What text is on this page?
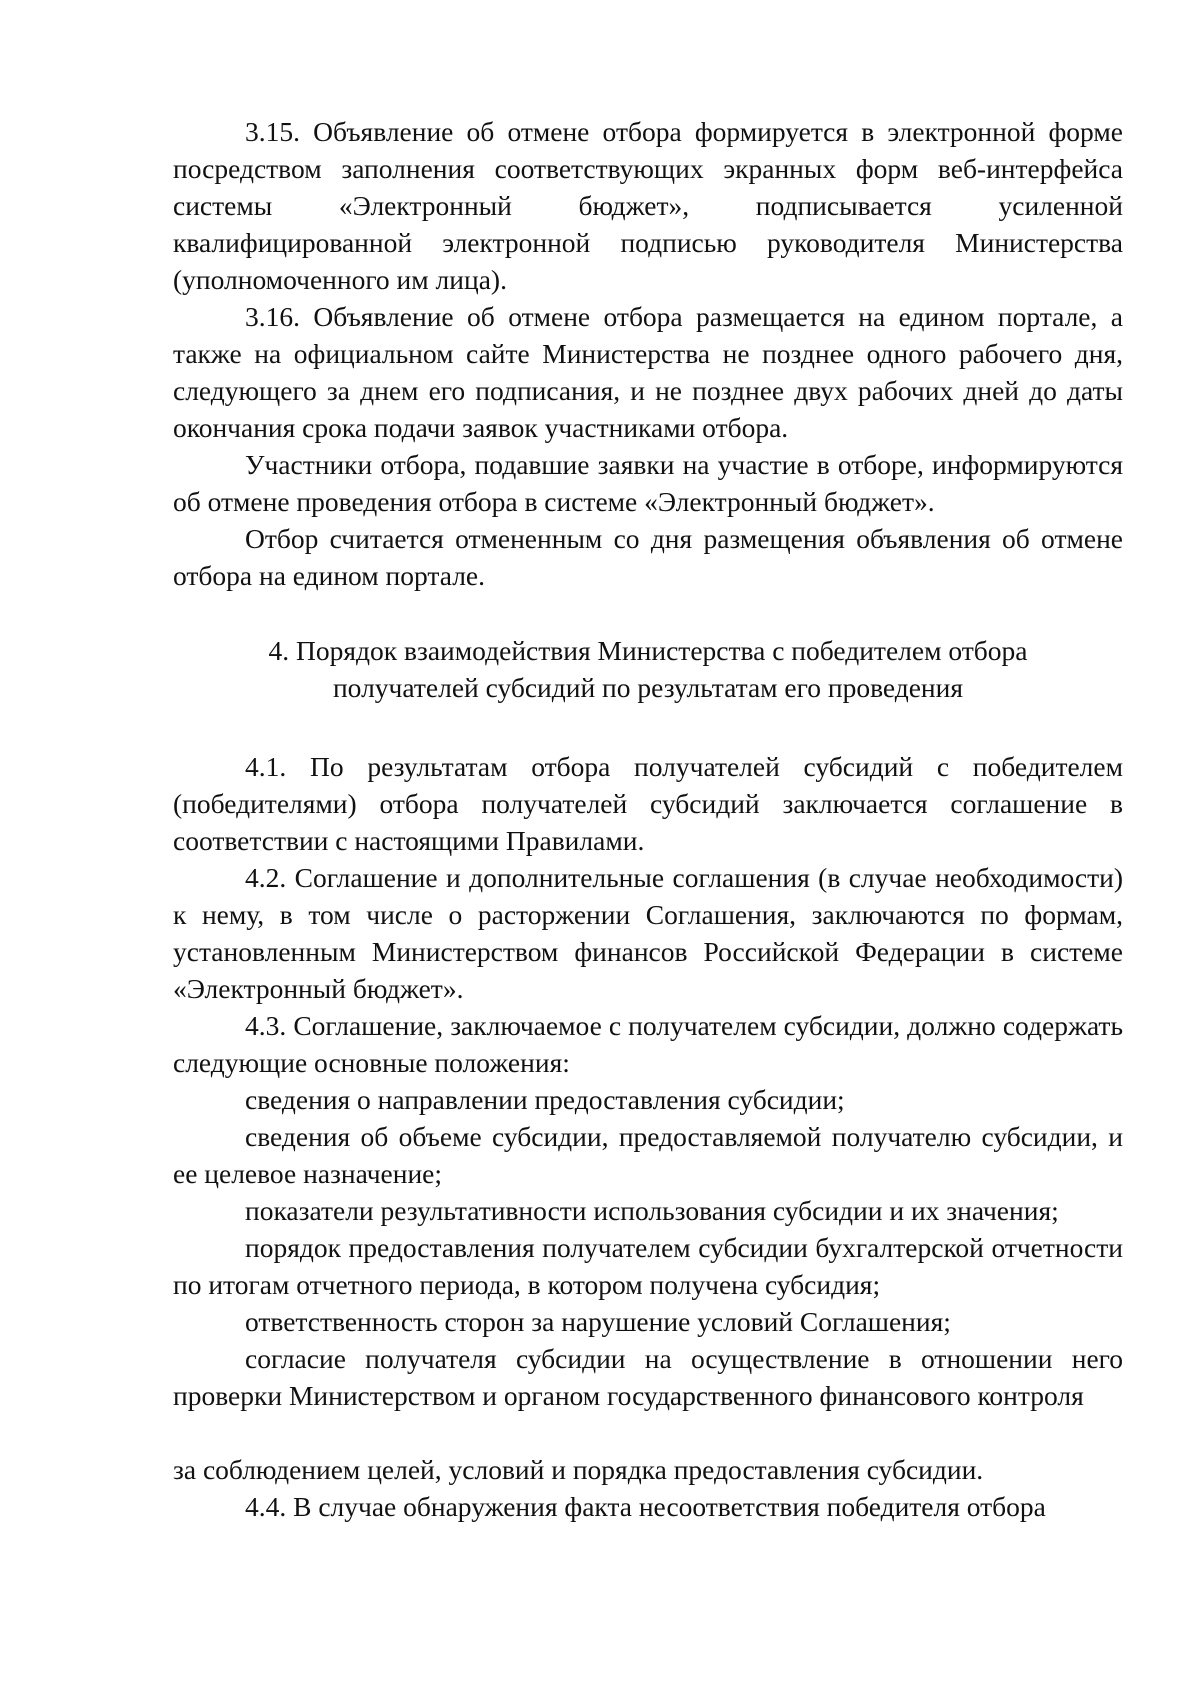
3.15. Объявление об отмене отбора формируется в электронной форме посредством заполнения соответствующих экранных форм веб-интерфейса системы «Электронный бюджет», подписывается усиленной квалифицированной электронной подписью руководителя Министерства (уполномоченного им лица).

3.16. Объявление об отмене отбора размещается на едином портале, а также на официальном сайте Министерства не позднее одного рабочего дня, следующего за днем его подписания, и не позднее двух рабочих дней до даты окончания срока подачи заявок участниками отбора.

Участники отбора, подавшие заявки на участие в отборе, информируются об отмене проведения отбора в системе «Электронный бюджет».

Отбор считается отмененным со дня размещения объявления об отмене отбора на едином портале.

4. Порядок взаимодействия Министерства с победителем отбора
получателей субсидий по результатам его проведения

4.1. По результатам отбора получателей субсидий с победителем (победителями) отбора получателей субсидий заключается соглашение в соответствии с настоящими Правилами.

4.2. Соглашение и дополнительные соглашения (в случае необходимости) к нему, в том числе о расторжении Соглашения, заключаются по формам, установленным Министерством финансов Российской Федерации в системе «Электронный бюджет».

4.3. Соглашение, заключаемое с получателем субсидии, должно содержать следующие основные положения:

сведения о направлении предоставления субсидии;

сведения об объеме субсидии, предоставляемой получателю субсидии, и ее целевое назначение;

показатели результативности использования субсидии и их значения;

порядок предоставления получателем субсидии бухгалтерской отчетности по итогам отчетного периода, в котором получена субсидия;

ответственность сторон за нарушение условий Соглашения;

согласие получателя субсидии на осуществление в отношении него проверки Министерством и органом государственного финансового контроля

за соблюдением целей, условий и порядка предоставления субсидии.

4.4. В случае обнаружения факта несоответствия победителя отбора
